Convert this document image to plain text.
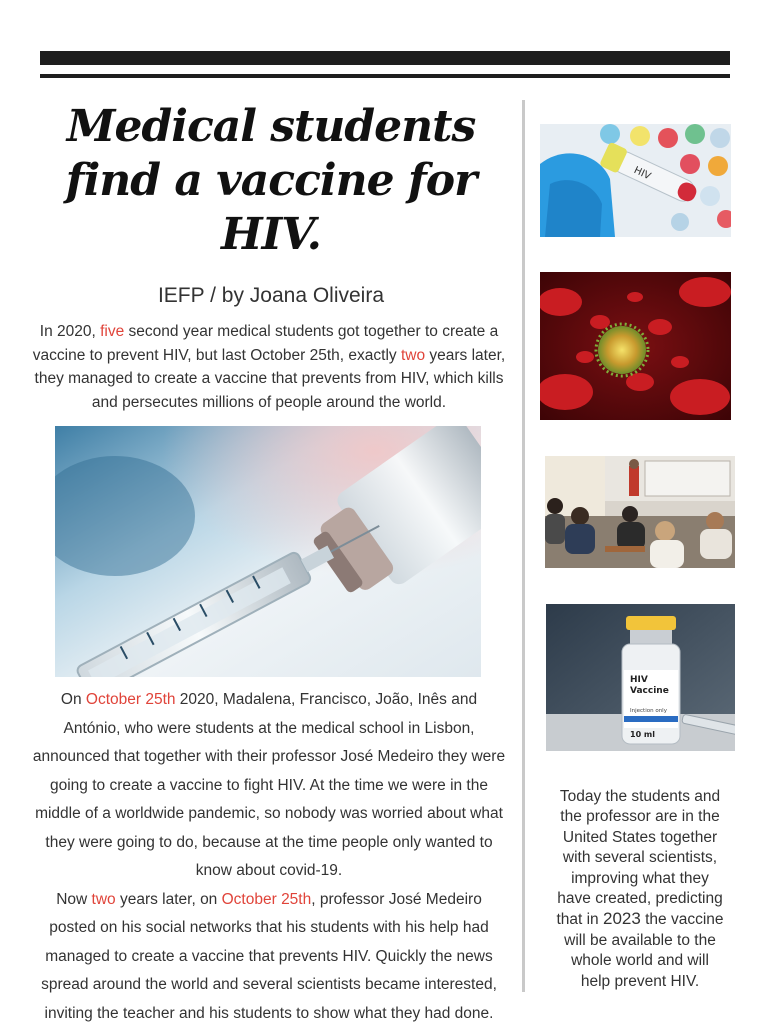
Medical students find a vaccine for HIV.
IEFP / by Joana Oliveira

In 2020, five second year medical students got together to create a vaccine to prevent HIV, but last October 25th, exactly two years later, they managed to create a vaccine that prevents from HIV, which kills and persecutes millions of people around the world.

On October 25th 2020, Madalena, Francisco, João, Inês and António, who were students at the medical school in Lisbon, announced that together with their professor José Medeiro they were going to create a vaccine to fight HIV. At the time we were in the middle of a worldwide pandemic, so nobody was worried about what they were going to do, because at the time people only wanted to know about covid-19.
Now two years later, on October 25th, professor José Medeiro posted on his social networks that his students with his help had managed to create a vaccine that prevents HIV. Quickly the news spread around the world and several scientists became interested, inviting the teacher and his students to show what they had done.

HIV
HIV
Vaccine
Injection only
10 ml

Today the students and the professor are in the United States together with several scientists, improving what they have created, predicting that in 2023 the vaccine will be available to the whole world and will help prevent HIV.
